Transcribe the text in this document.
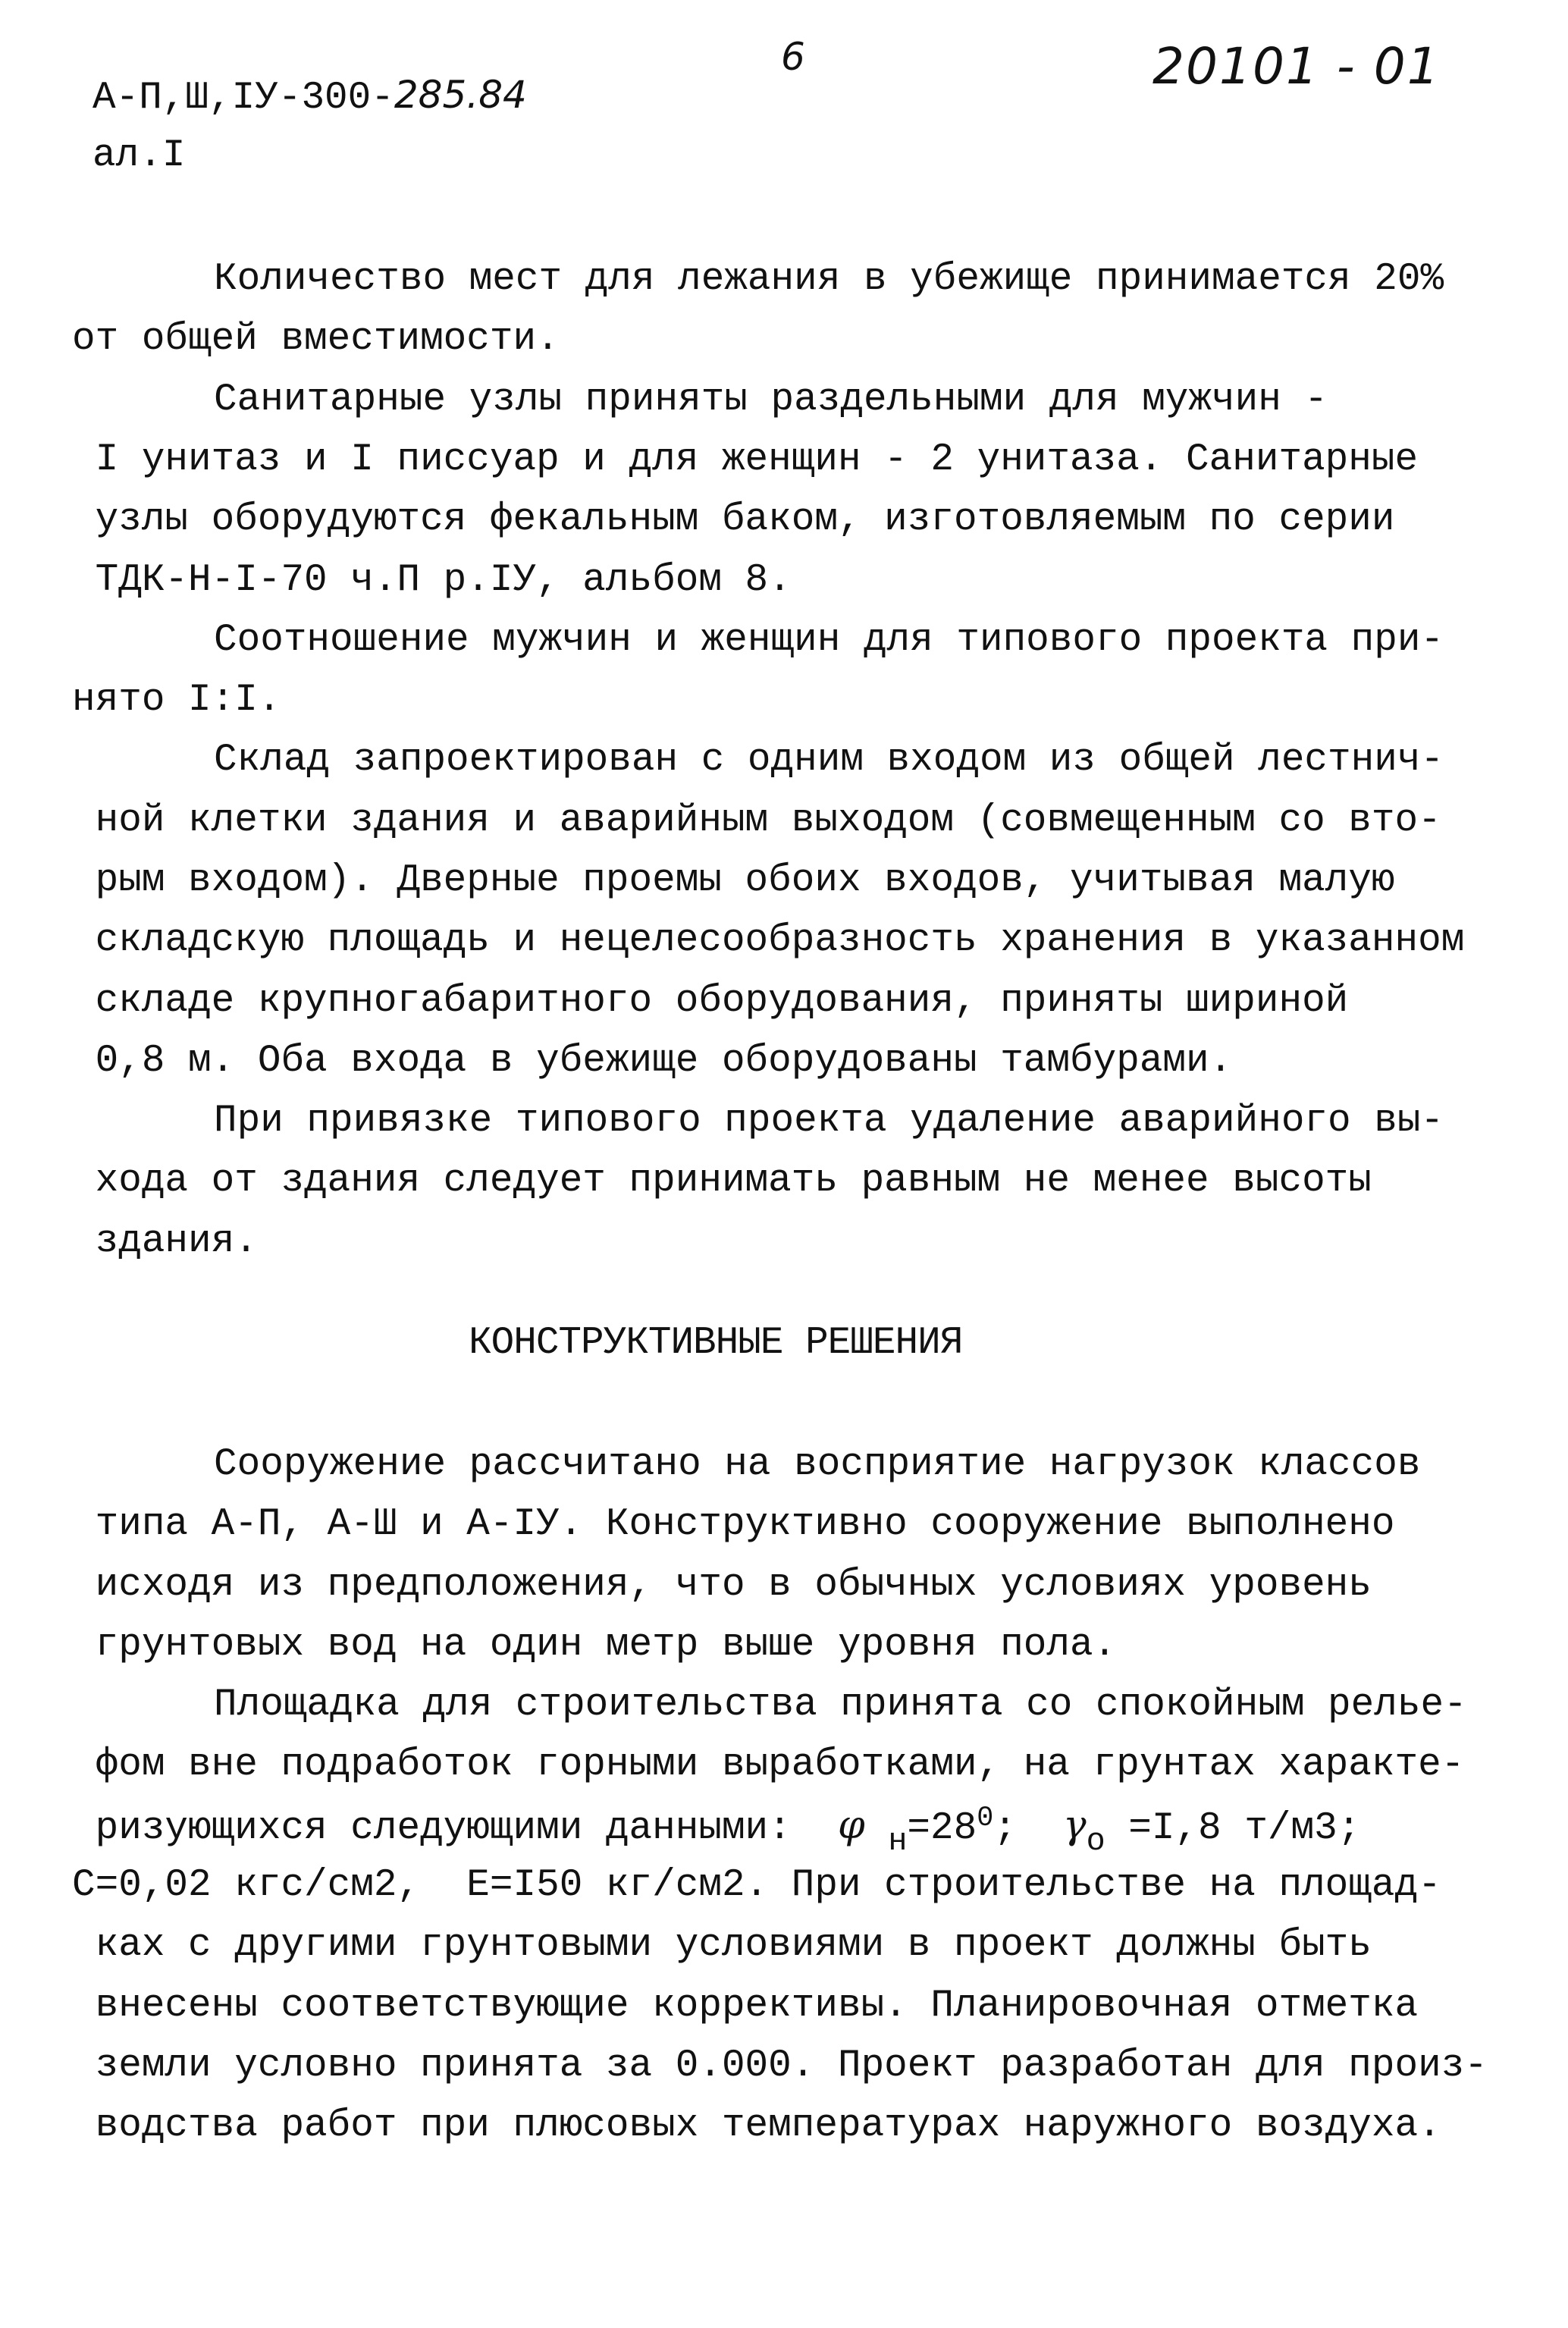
А-П,Ш,IУ-300-285.84
ал.I
6	20101 - 01
Количество мест для лежания в убежище принимается 20%
от общей вместимости.
Санитарные узлы приняты раздельными для мужчин -
I унитаз и I писсуар и для женщин - 2 унитаза. Санитарные
узлы оборудуются фекальным баком, изготовляемым по серии
ТДК-Н-I-70 ч.П р.IУ, альбом 8.
Соотношение мужчин и женщин для типового проекта при-
нято I:I.
Склад запроектирован с одним входом из общей лестнич-
ной клетки здания и аварийным выходом (совмещенным со вто-
рым входом). Дверные проемы обоих входов, учитывая малую
складскую площадь и нецелесообразность хранения в указанном
складе крупногабаритного оборудования, приняты шириной
0,8 м. Оба входа в убежище оборудованы тамбурами.
При привязке типового проекта удаление аварийного вы-
хода от здания следует принимать равным не менее высоты
здания.
КОНСТРУКТИВНЫЕ РЕШЕНИЯ
Сооружение рассчитано на восприятие нагрузок классов
типа А-П, А-Ш и А-IУ. Конструктивно сооружение выполнено
исходя из предположения, что в обычных условиях уровень
грунтовых вод на один метр выше уровня пола.
Площадка для строительства принята со спокойным релье-
фом вне подработок горными выработками, на грунтах характе-
ризующихся следующими данными: φ $_н=28^0$; $\gamma_o =I,8$ т/м3;
C=0,02 кгс/см2,  E=I50 кг/см2. При строительстве на площад-
ках с другими грунтовыми условиями в проект должны быть
внесены соответствующие коррективы. Планировочная отметка
земли условно принята за 0.000. Проект разработан для произ-
водства работ при плюсовых температурах наружного воздуха.
